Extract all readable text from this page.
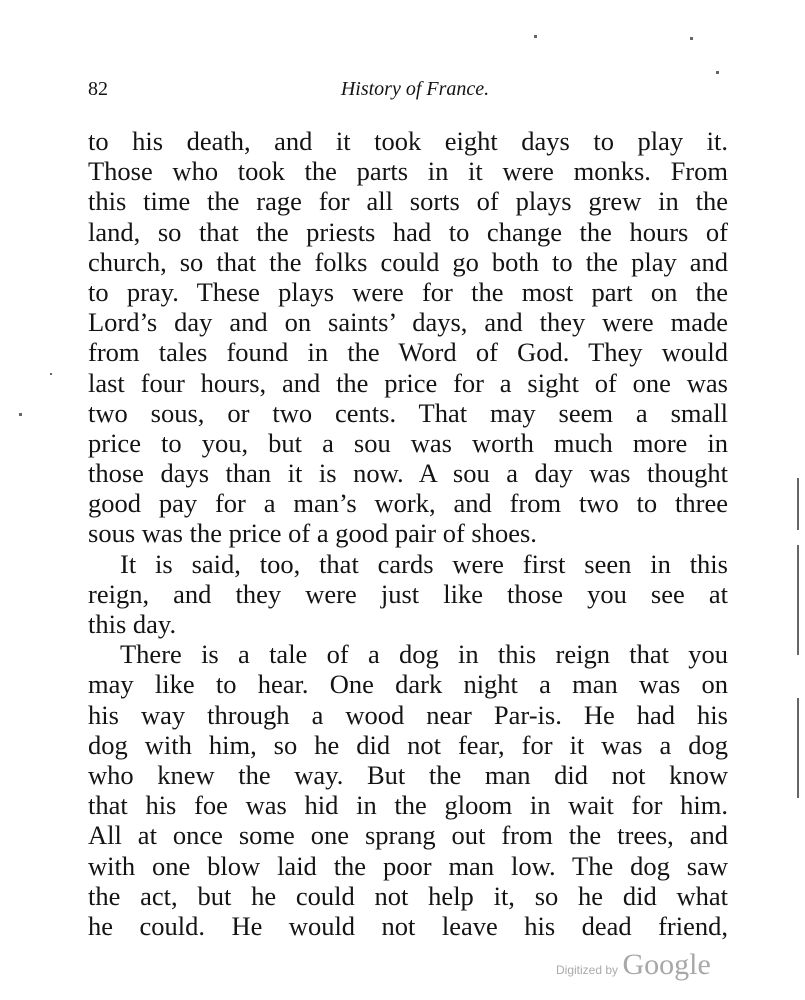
82	History of France.
to his death, and it took eight days to play it.
Those who took the parts in it were monks. From
this time the rage for all sorts of plays grew in the
land, so that the priests had to change the hours of
church, so that the folks could go both to the play and
to pray. These plays were for the most part on the
Lord’s day and on saints’ days, and they were made
from tales found in the Word of God. They would
last four hours, and the price for a sight of one was
two sous, or two cents. That may seem a small
price to you, but a sou was worth much more in
those days than it is now. A sou a day was thought
good pay for a man’s work, and from two to three
sous was the price of a good pair of shoes.
It is said, too, that cards were first seen in this
reign, and they were just like those you see at
this day.
There is a tale of a dog in this reign that you
may like to hear. One dark night a man was on
his way through a wood near Par-is. He had his
dog with him, so he did not fear, for it was a dog
who knew the way. But the man did not know
that his foe was hid in the gloom in wait for him.
All at once some one sprang out from the trees, and
with one blow laid the poor man low. The dog saw
the act, but he could not help it, so he did what
he could. He would not leave his dead friend,
Digitized by Google
